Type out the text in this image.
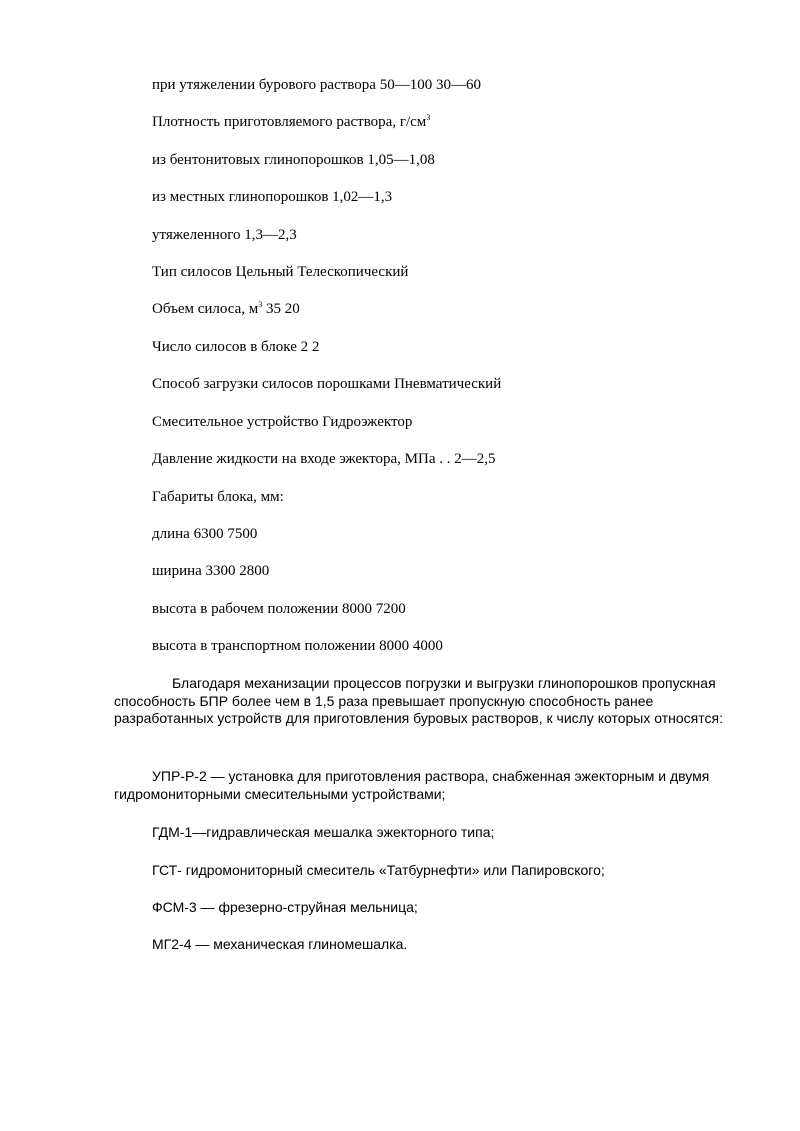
при утяжелении бурового раствора 50—100 30—60

Плотность приготовляемого раствора, $г/см^3$

из бентонитовых глинопорошков 1,05—1,08

из местных глинопорошков 1,02—1,3

утяжеленного 1,3—2,3

Тип силосов Цельный Телескопический

Объем силоса, $м^3$ 35 20

Число силосов в блоке 2 2

Способ загрузки силосов порошками Пневматический

Смесительное устройство Гидроэжектор

Давление жидкости на входе эжектора, МПа . . 2—2,5

Габариты блока, мм:

длина 6300 7500

ширина 3300 2800

высота в рабочем положении 8000 7200

высота в транспортном положении 8000 4000

Благодаря механизации процессов погрузки и выгрузки глинопорошков пропускная способность БПР более чем в 1,5 раза превышает пропускную способность ранее разработанных устройств для приготовления буровых растворов, к числу которых относятся:

УПР-Р-2 — установка для приготовления раствора, снабженная эжекторным и двумя гидромониторными смесительными устройствами;

ГДМ-1—гидравлическая мешалка эжекторного типа;

ГСТ- гидромониторный смеситель «Татбурнефти» или Папировского;

ФСМ-3 — фрезерно-струйная мельница;

МГ2-4 — механическая глиномешалка.
